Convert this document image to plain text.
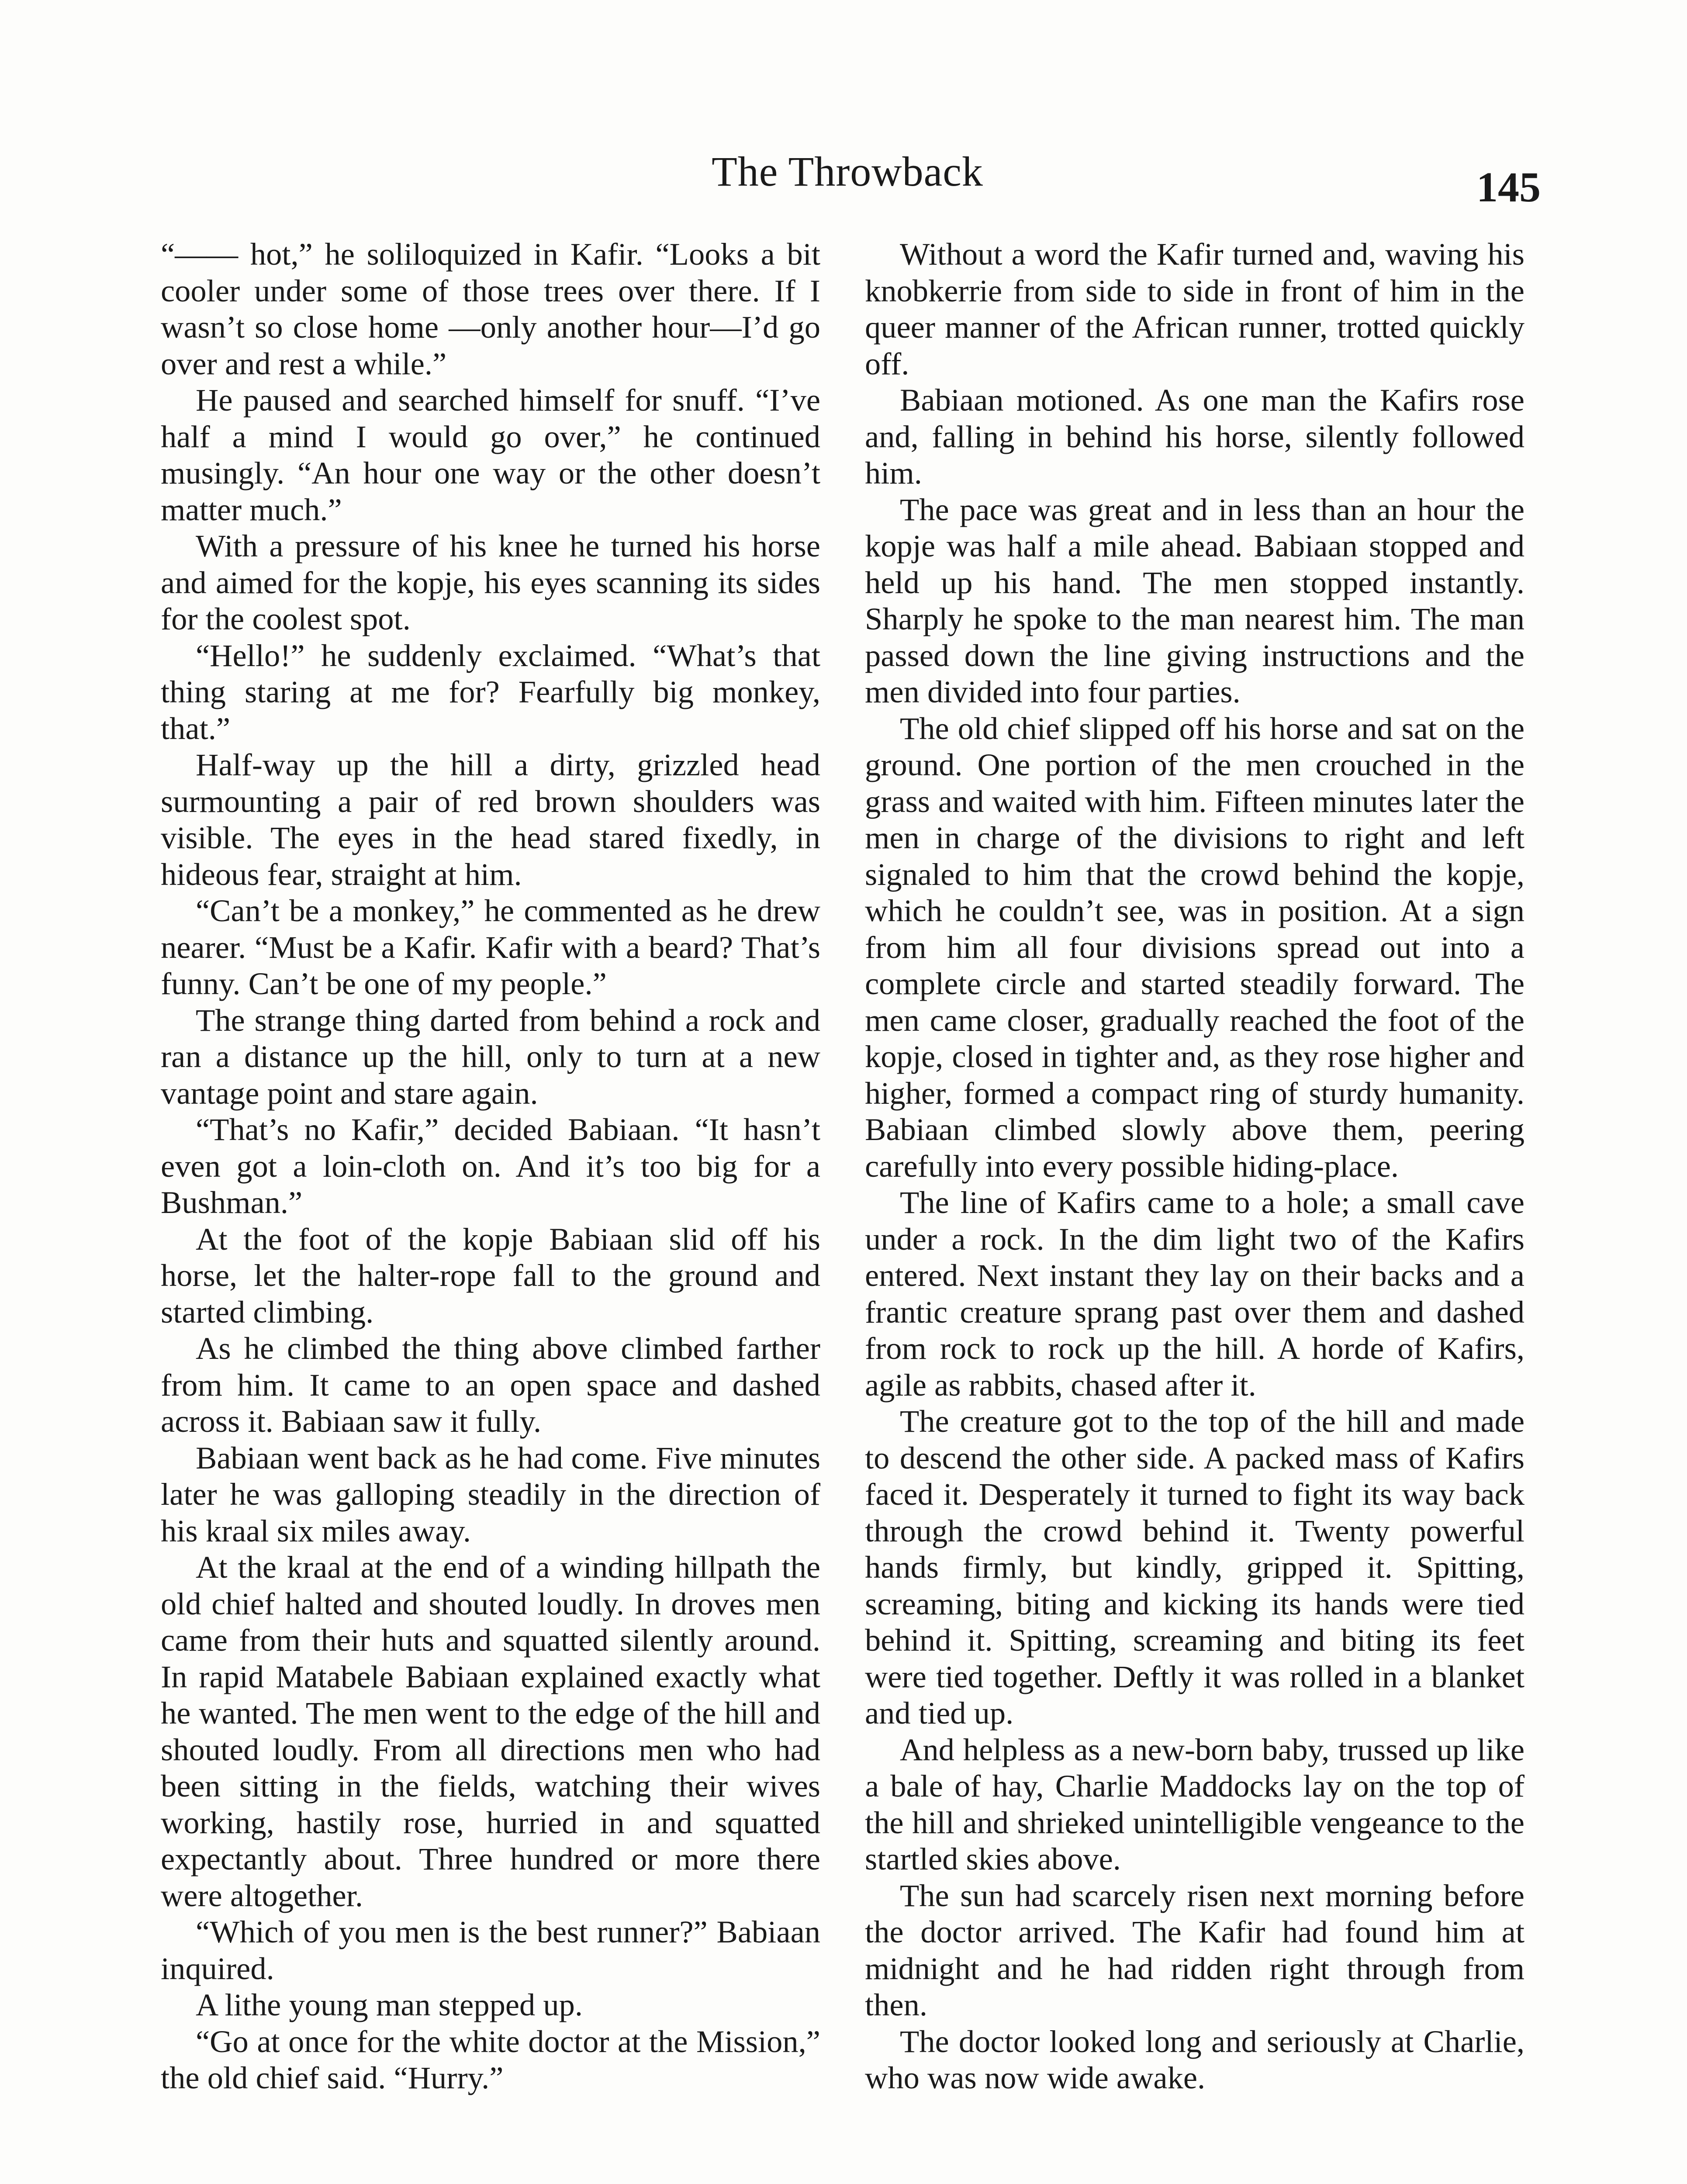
The Throwback	145

“—— hot,” he soliloquized in Kafir. “Looks a bit cooler under some of those trees over there. If I wasn’t so close home —only another hour—I’d go over and rest a while.”

He paused and searched himself for snuff. “I’ve half a mind I would go over,” he continued musingly. “An hour one way or the other doesn’t matter much.”

With a pressure of his knee he turned his horse and aimed for the kopje, his eyes scanning its sides for the coolest spot.

“Hello!” he suddenly exclaimed. “What’s that thing staring at me for? Fearfully big monkey, that.”

Half-way up the hill a dirty, grizzled head surmounting a pair of red brown shoulders was visible. The eyes in the head stared fixedly, in hideous fear, straight at him.

“Can’t be a monkey,” he commented as he drew nearer. “Must be a Kafir. Kafir with a beard? That’s funny. Can’t be one of my people.”

The strange thing darted from behind a rock and ran a distance up the hill, only to turn at a new vantage point and stare again.

“That’s no Kafir,” decided Babiaan. “It hasn’t even got a loin-cloth on. And it’s too big for a Bushman.”

At the foot of the kopje Babiaan slid off his horse, let the halter-rope fall to the ground and started climbing.

As he climbed the thing above climbed farther from him. It came to an open space and dashed across it. Babiaan saw it fully.

Babiaan went back as he had come. Five minutes later he was galloping steadily in the direction of his kraal six miles away.

At the kraal at the end of a winding hillpath the old chief halted and shouted loudly. In droves men came from their huts and squatted silently around. In rapid Matabele Babiaan explained exactly what he wanted. The men went to the edge of the hill and shouted loudly. From all directions men who had been sitting in the fields, watching their wives working, hastily rose, hurried in and squatted expectantly about. Three hundred or more there were altogether.

“Which of you men is the best runner?” Babiaan inquired.

A lithe young man stepped up.

“Go at once for the white doctor at the Mission,” the old chief said. “Hurry.”

Without a word the Kafir turned and, waving his knobkerrie from side to side in front of him in the queer manner of the African runner, trotted quickly off.

Babiaan motioned. As one man the Kafirs rose and, falling in behind his horse, silently followed him.

The pace was great and in less than an hour the kopje was half a mile ahead. Babiaan stopped and held up his hand. The men stopped instantly. Sharply he spoke to the man nearest him. The man passed down the line giving instructions and the men divided into four parties.

The old chief slipped off his horse and sat on the ground. One portion of the men crouched in the grass and waited with him. Fifteen minutes later the men in charge of the divisions to right and left signaled to him that the crowd behind the kopje, which he couldn’t see, was in position. At a sign from him all four divisions spread out into a complete circle and started steadily forward. The men came closer, gradually reached the foot of the kopje, closed in tighter and, as they rose higher and higher, formed a compact ring of sturdy humanity. Babiaan climbed slowly above them, peering carefully into every possible hiding-place.

The line of Kafirs came to a hole; a small cave under a rock. In the dim light two of the Kafirs entered. Next instant they lay on their backs and a frantic creature sprang past over them and dashed from rock to rock up the hill. A horde of Kafirs, agile as rabbits, chased after it.

The creature got to the top of the hill and made to descend the other side. A packed mass of Kafirs faced it. Desperately it turned to fight its way back through the crowd behind it. Twenty powerful hands firmly, but kindly, gripped it. Spitting, screaming, biting and kicking its hands were tied behind it. Spitting, screaming and biting its feet were tied together. Deftly it was rolled in a blanket and tied up.

And helpless as a new-born baby, trussed up like a bale of hay, Charlie Maddocks lay on the top of the hill and shrieked unintelligible vengeance to the startled skies above.

The sun had scarcely risen next morning before the doctor arrived. The Kafir had found him at midnight and he had ridden right through from then.

The doctor looked long and seriously at Charlie, who was now wide awake.
